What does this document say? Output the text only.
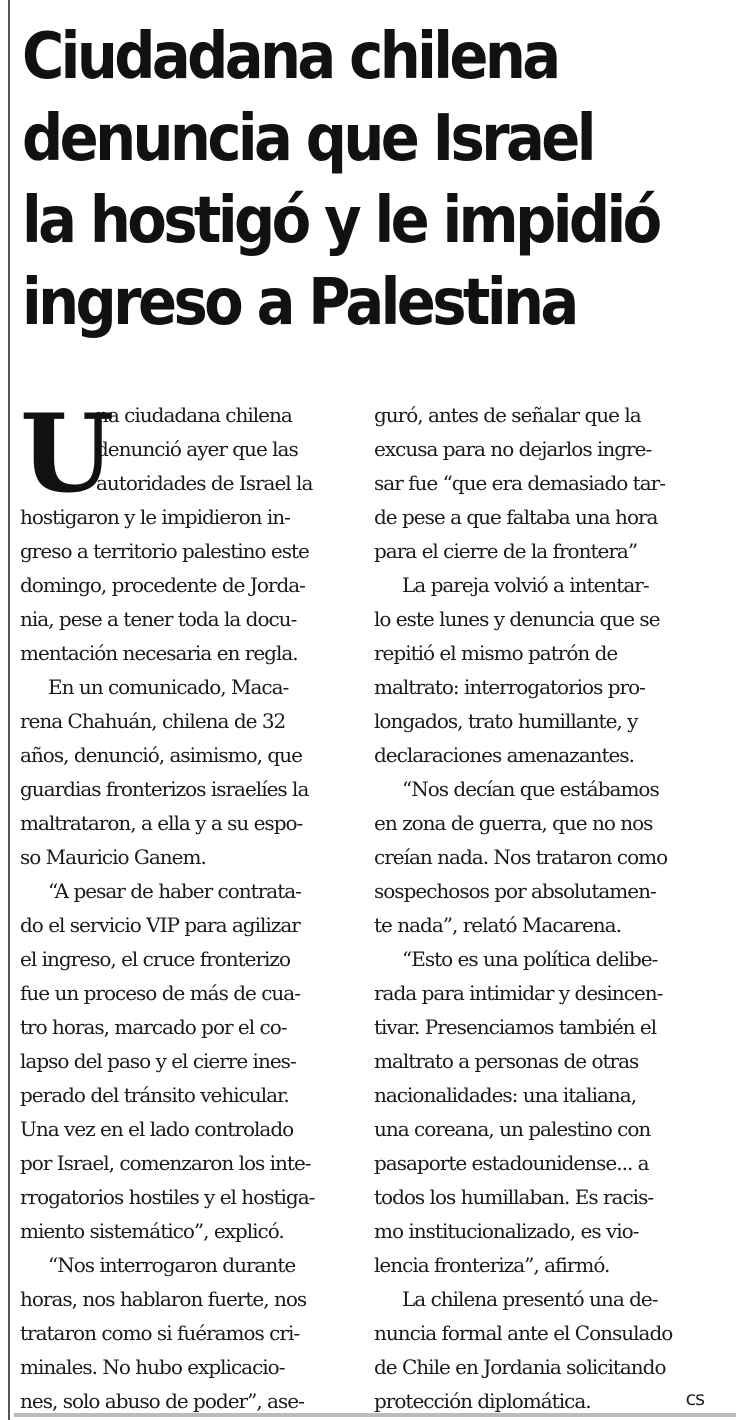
Ciudadana chilena
denuncia que Israel
la hostigó y le impidió
ingreso a Palestina
U

na ciudadana chilena
denunció ayer que las
autoridades de Israel la
hostigaron y le impidieron in-
greso a territorio palestino este
domingo, procedente de Jorda-
nia, pese a tener toda la docu-
mentación necesaria en regla.

En un comunicado, Maca-
rena Chahuán, chilena de 32
años, denunció, asimismo, que
guardias fronterizos israelíes la
maltrataron, a ella y a su espo-
so Mauricio Ganem.

“A pesar de haber contrata-
do el servicio VIP para agilizar
el ingreso, el cruce fronterizo
fue un proceso de más de cua-
tro horas, marcado por el co-
lapso del paso y el cierre ines-
perado del tránsito vehicular.
Una vez en el lado controlado
por Israel, comenzaron los inte-
rrogatorios hostiles y el hostiga-
miento sistemático”, explicó.

“Nos interrogaron durante
horas, nos hablaron fuerte, nos
trataron como si fuéramos cri-
minales. No hubo explicacio-
nes, solo abuso de poder”, ase-

guró, antes de señalar que la
excusa para no dejarlos ingre-
sar fue “que era demasiado tar-
de pese a que faltaba una hora
para el cierre de la frontera”

La pareja volvió a intentar-
lo este lunes y denuncia que se
repitió el mismo patrón de
maltrato: interrogatorios pro-
longados, trato humillante, y
declaraciones amenazantes.

“Nos decían que estábamos
en zona de guerra, que no nos
creían nada. Nos trataron como
sospechosos por absolutamen-
te nada”, relató Macarena.

“Esto es una política delibe-
rada para intimidar y desincen-
tivar. Presenciamos también el
maltrato a personas de otras
nacionalidades: una italiana,
una coreana, un palestino con
pasaporte estadounidense... a
todos los humillaban. Es racis-
mo institucionalizado, es vio-
lencia fronteriza”, afirmó.

La chilena presentó una de-
nuncia formal ante el Consulado
de Chile en Jordania solicitando
protección diplomática.	cs
